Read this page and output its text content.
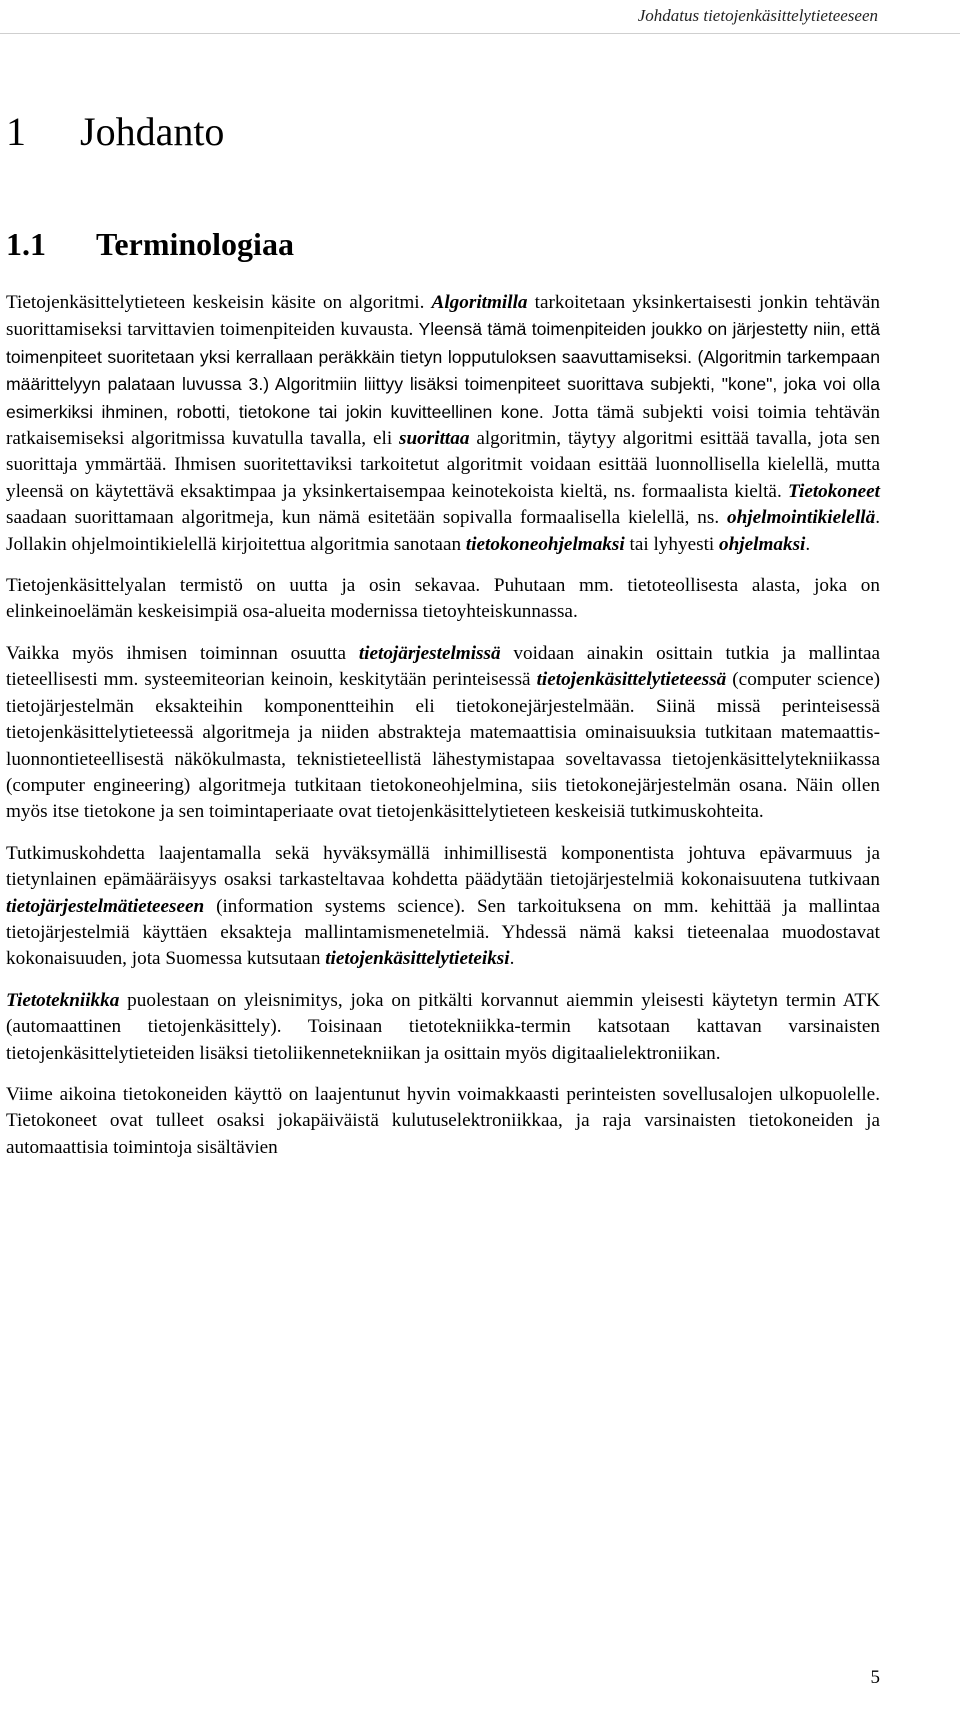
Johdatus tietojenkäsittelytieteeseen
1 Johdanto
1.1 Terminologiaa

Tietojenkäsittelytieteen keskeisin käsite on algoritmi. Algoritmilla tarkoitetaan yksinkertaisesti jonkin tehtävän suorittamiseksi tarvittavien toimenpiteiden kuvausta. Yleensä tämä toimenpiteiden joukko on järjestetty niin, että toimenpiteet suoritetaan yksi kerrallaan peräkkäin tietyn lopputuloksen saavuttamiseksi. (Algoritmin tarkempaan määrittelyyn palataan luvussa 3.) Algoritmiin liittyy lisäksi toimenpiteet suorittava subjekti, "kone", joka voi olla esimerkiksi ihminen, robotti, tietokone tai jokin kuvitteellinen kone. Jotta tämä subjekti voisi toimia tehtävän ratkaisemiseksi algoritmissa kuvatulla tavalla, eli suorittaa algoritmin, täytyy algoritmi esittää tavalla, jota sen suorittaja ymmärtää. Ihmisen suoritettaviksi tarkoitetut algoritmit voidaan esittää luonnollisella kielellä, mutta yleensä on käytettävä eksaktimpaa ja yksinkertaisempaa keinotekoista kieltä, ns. formaalista kieltä. Tietokoneet saadaan suorittamaan algoritmeja, kun nämä esitetään sopivalla formaalisella kielellä, ns. ohjelmointikielellä. Jollakin ohjelmointikielellä kirjoitettua algoritmia sanotaan tietokoneohjelmaksi tai lyhyesti ohjelmaksi.

Tietojenkäsittelyalan termistö on uutta ja osin sekavaa. Puhutaan mm. tietoteollisesta alasta, joka on elinkeinoelämän keskeisimpiä osa-alueita modernissa tietoyhteiskunnassa.

Vaikka myös ihmisen toiminnan osuutta tietojärjestelmissä voidaan ainakin osittain tutkia ja mallintaa tieteellisesti mm. systeemiteorian keinoin, keskitytään perinteisessä tietojenkäsittelytieteessä (computer science) tietojärjestelmän eksakteihin komponentteihin eli tietokonejärjestelmään. Siinä missä perinteisessä tietojenkäsittelytieteessä algoritmeja ja niiden abstrakteja matemaattisia ominaisuuksia tutkitaan matemaattis-luonnontieteellisestä näkökulmasta, teknistieteellistä lähestymistapaa soveltavassa tietojenkäsittelytekniikassa (computer engineering) algoritmeja tutkitaan tietokoneohjelmina, siis tietokonejärjestelmän osana. Näin ollen myös itse tietokone ja sen toimintaperiaate ovat tietojenkäsittelytieteen keskeisiä tutkimuskohteita.

Tutkimuskohdetta laajentamalla sekä hyväksymällä inhimillisestä komponentista johtuva epävarmuus ja tietynlainen epämääräisyys osaksi tarkasteltavaa kohdetta päädytään tietojärjestelmiä kokonaisuutena tutkivaan tietojärjestelmätieteeseen (information systems science). Sen tarkoituksena on mm. kehittää ja mallintaa tietojärjestelmiä käyttäen eksakteja mallintamismenetelmiä. Yhdessä nämä kaksi tieteenalaa muodostavat kokonaisuuden, jota Suomessa kutsutaan tietojenkäsittelytieteiksi.

Tietotekniikka puolestaan on yleisnimitys, joka on pitkälti korvannut aiemmin yleisesti käytetyn termin ATK (automaattinen tietojenkäsittely). Toisinaan tietotekniikka-termin katsotaan kattavan varsinaisten tietojenkäsittelytieteiden lisäksi tietoliikennetekniikan ja osittain myös digitaalielektroniikan.

Viime aikoina tietokoneiden käyttö on laajentunut hyvin voimakkaasti perinteisten sovellusalojen ulkopuolelle. Tietokoneet ovat tulleet osaksi jokapäiväistä kulutuselektroniikkaa, ja raja varsinaisten tietokoneiden ja automaattisia toimintoja sisältävien

5
